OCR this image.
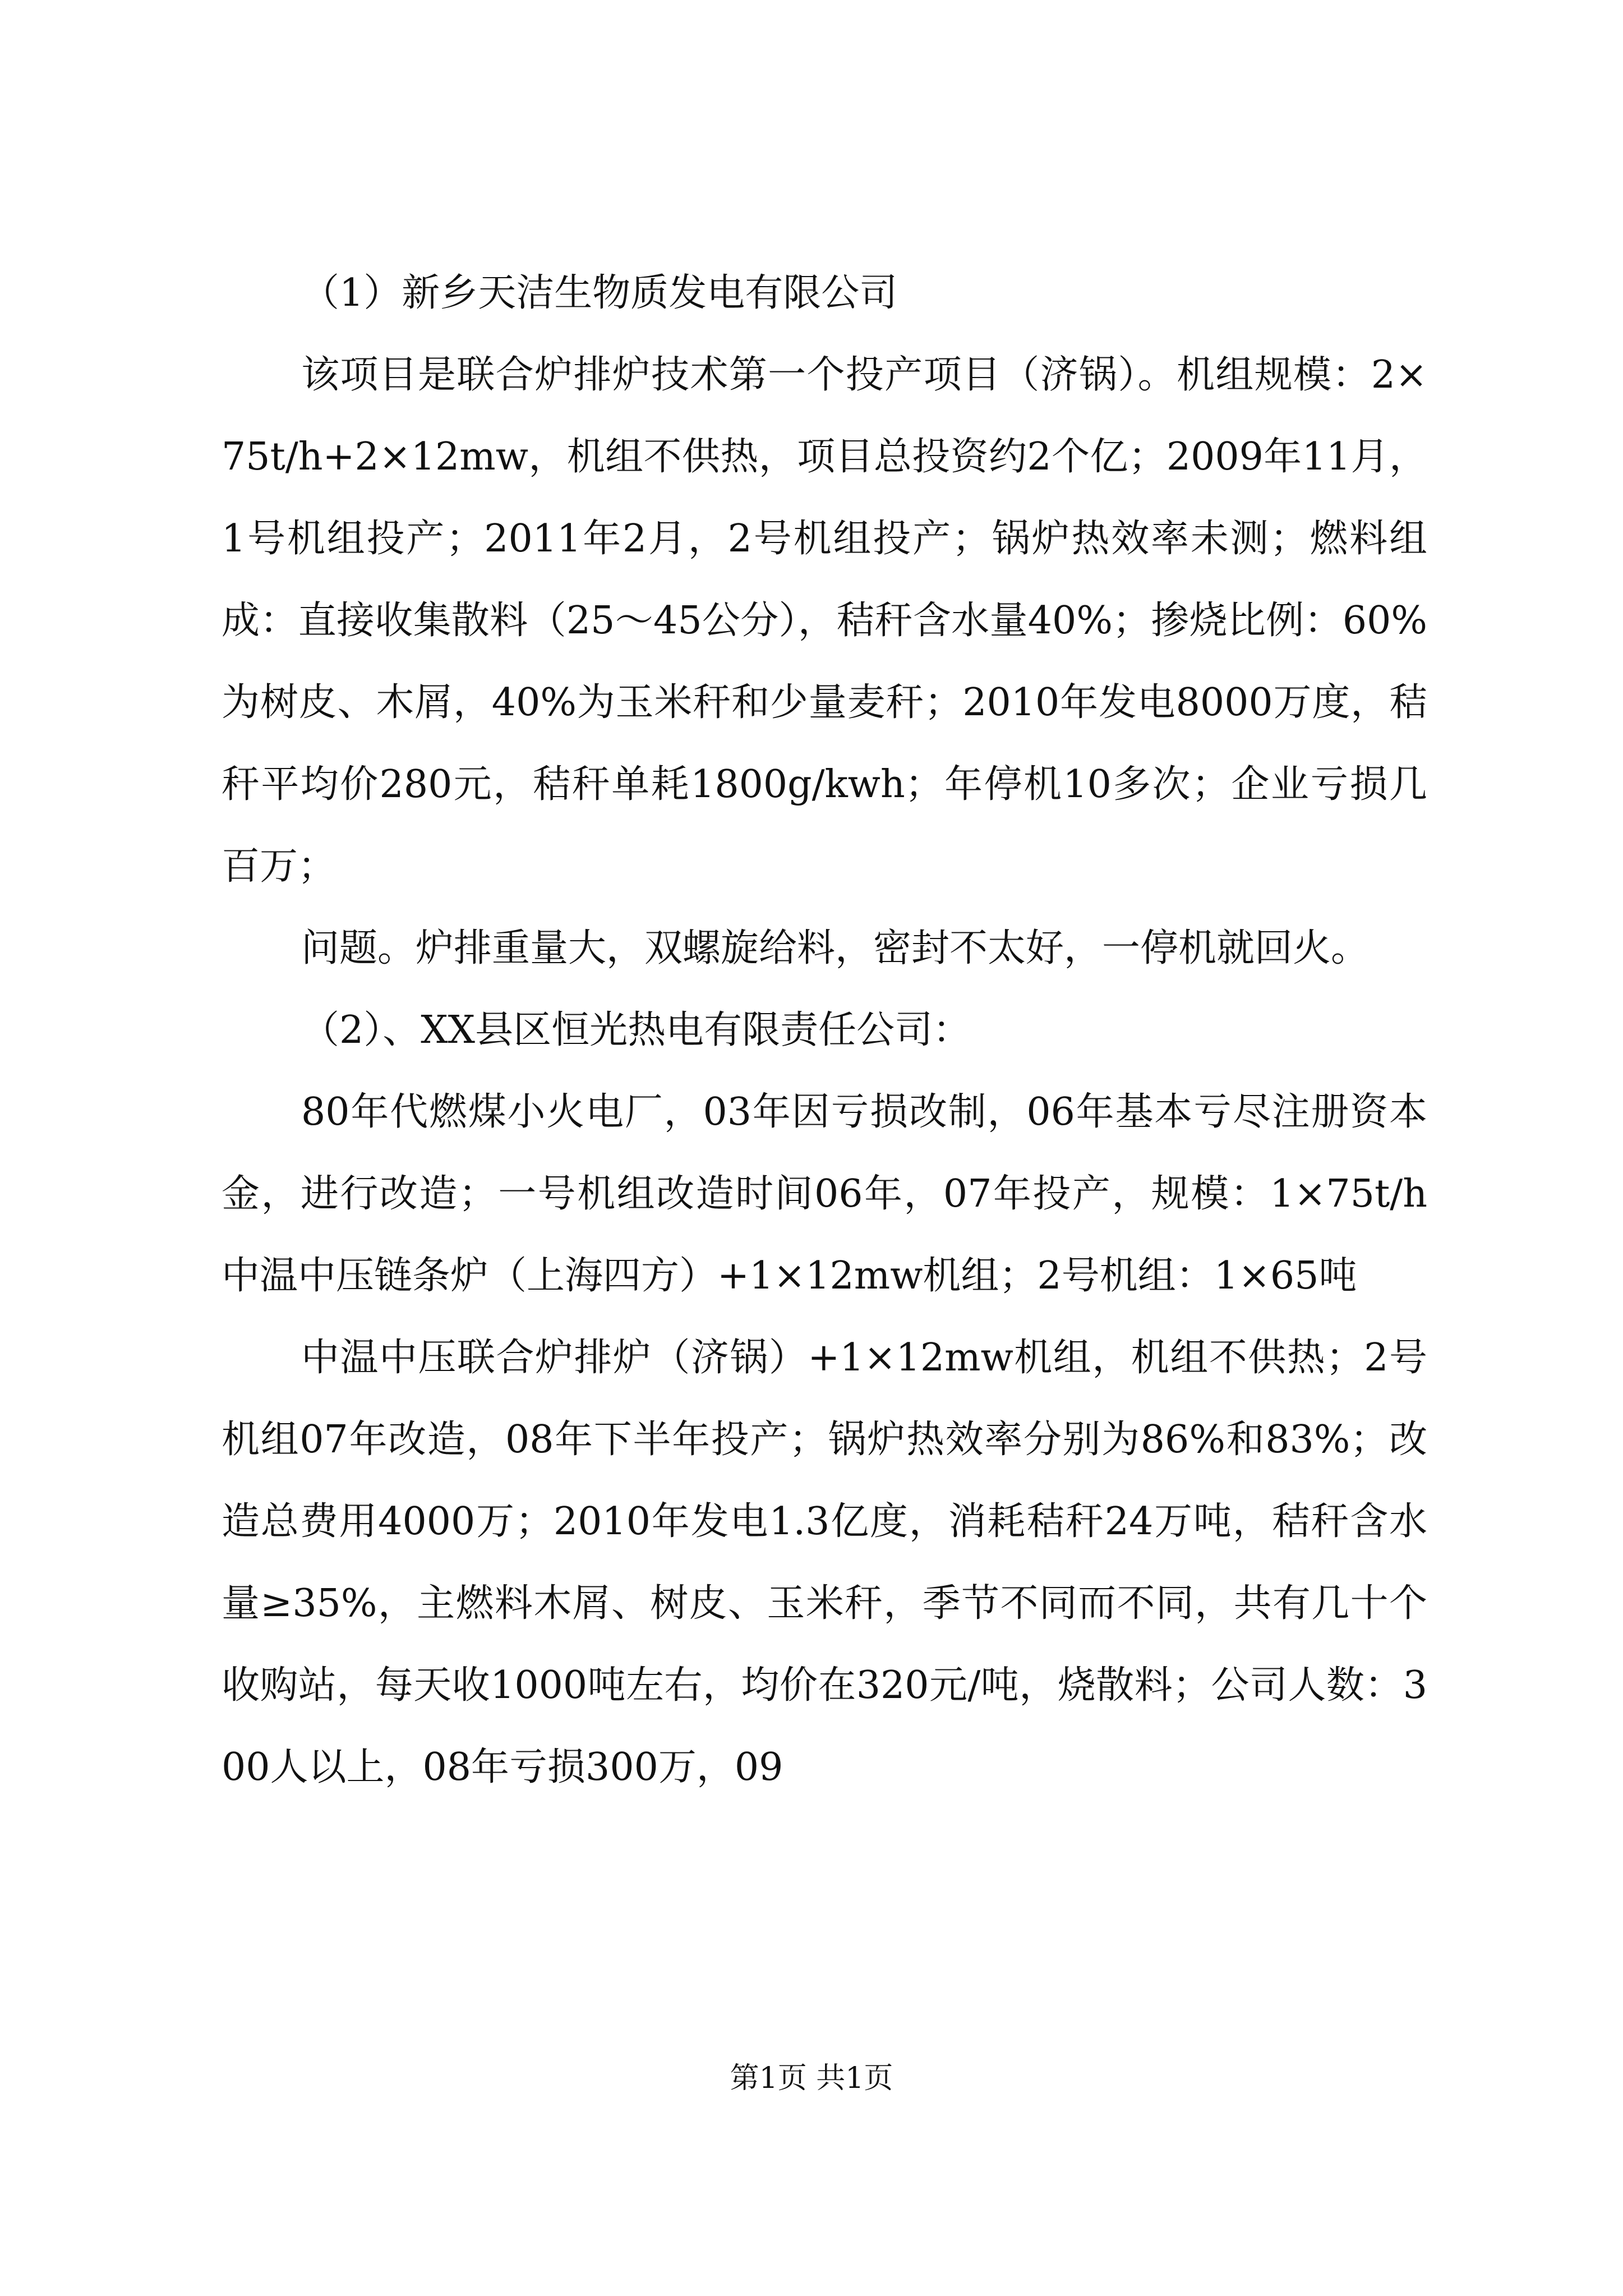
（1）新乡天洁生物质发电有限公司

该项目是联合炉排炉技术第一个投产项目（济锅）。机组规模：2×75t/h+2×12mw，机组不供热，项目总投资约2个亿；2009年11月，1号机组投产；2011年2月，2号机组投产；锅炉热效率未测；燃料组成：直接收集散料（25～45公分），秸秆含水量40%；掺烧比例：60%为树皮、木屑，40%为玉米秆和少量麦秆；2010年发电8000万度，秸秆平均价280元，秸秆单耗1800g/kwh；年停机10多次；企业亏损几百万；

问题。炉排重量大，双螺旋给料，密封不太好，一停机就回火。

（2）、XX县区恒光热电有限责任公司：

80年代燃煤小火电厂，03年因亏损改制，06年基本亏尽注册资本金，进行改造；一号机组改造时间06年，07年投产，规模：1×75t/h中温中压链条炉（上海四方）+1×12mw机组；2号机组：1×65吨

中温中压联合炉排炉（济锅）+1×12mw机组，机组不供热；2号机组07年改造，08年下半年投产；锅炉热效率分别为86%和83%；改造总费用4000万；2010年发电1.3亿度，消耗秸秆24万吨，秸秆含水量≥35%，主燃料木屑、树皮、玉米秆，季节不同而不同，共有几十个收购站，每天收1000吨左右，均价在320元/吨，烧散料；公司人数：300人以上，08年亏损300万，09

第1页 共1页
